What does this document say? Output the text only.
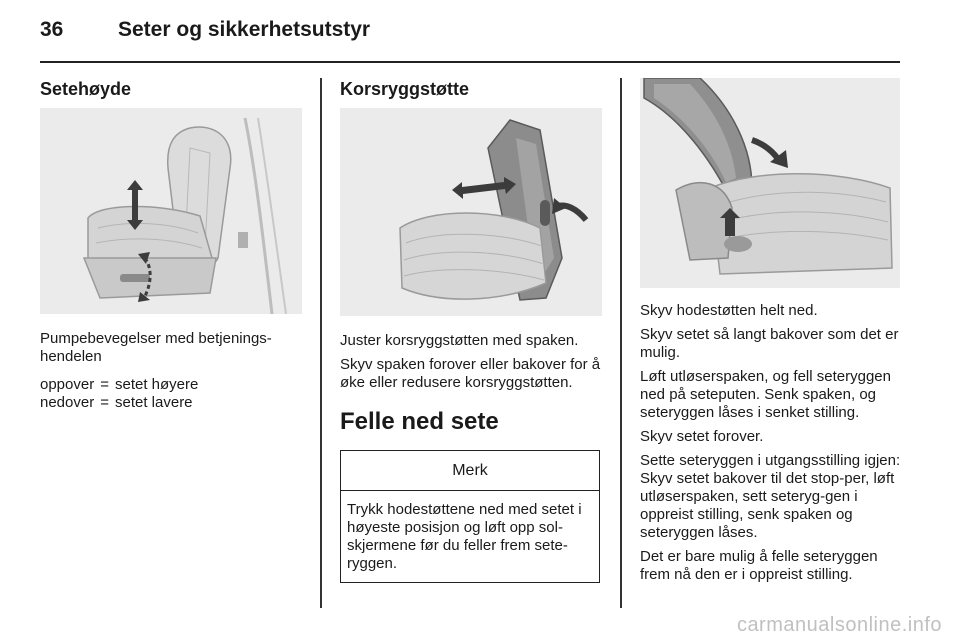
36	Seter og sikkerhetsutstyr
Setehøyde

Pumpebevegelser med betjenings-hendelen

oppover	=	setet høyere
nedover	=	setet lavere
Korsryggstøtte

Juster korsryggstøtten med spaken.

Skyv spaken forover eller bakover for å øke eller redusere korsryggstøtten.

Felle ned sete
Merk
Trykk hodestøttene ned med setet i høyeste posisjon og løft opp sol-skjermene før du feller frem sete-ryggen.

Skyv hodestøtten helt ned.

Skyv setet så langt bakover som det er mulig.

Løft utløserspaken, og fell seteryggen ned på seteputen. Senk spaken, og seteryggen låses i senket stilling.

Skyv setet forover.

Sette seteryggen i utgangsstilling igjen: Skyv setet bakover til det stop-per, løft utløserspaken, sett seteryg-gen i oppreist stilling, senk spaken og seteryggen låses.

Det er bare mulig å felle seteryggen frem nå den er i oppreist stilling.

carmanualsonline.info
